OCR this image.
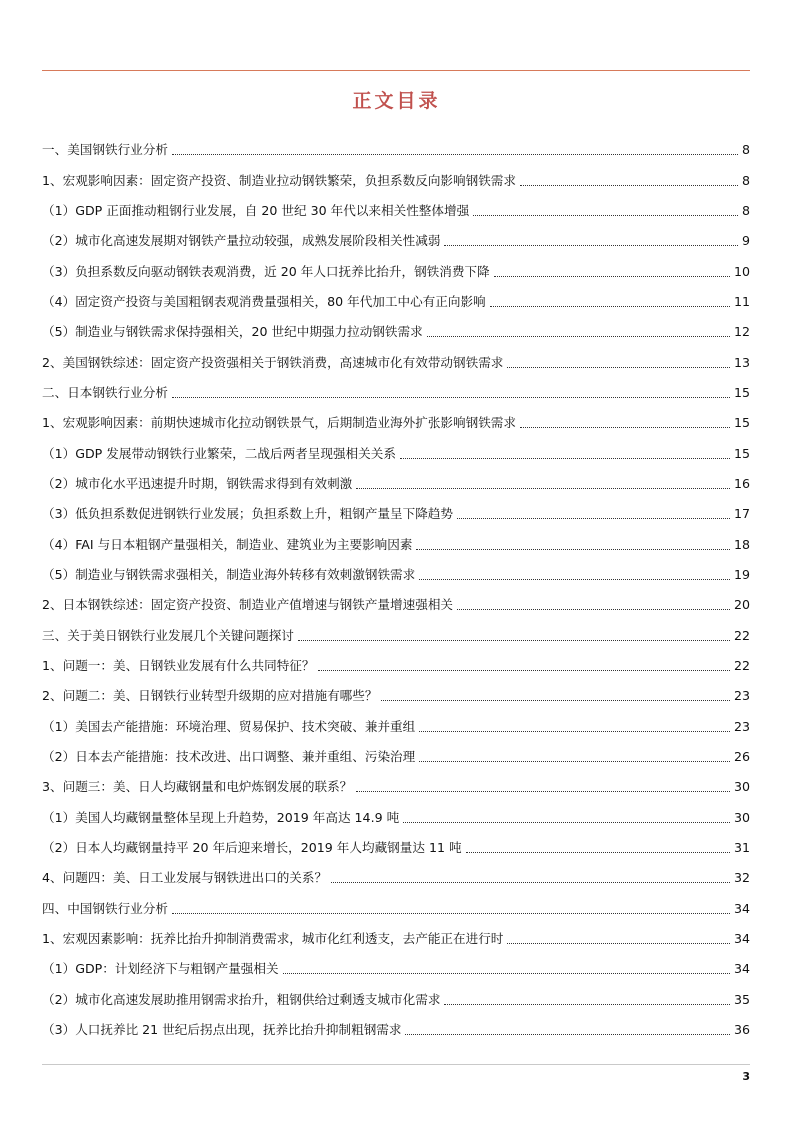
正文目录
一、美国钢铁行业分析	8
1、宏观影响因素：固定资产投资、制造业拉动钢铁繁荣，负担系数反向影响钢铁需求	8
（1）GDP 正面推动粗钢行业发展，自 20 世纪 30 年代以来相关性整体增强	8
（2）城市化高速发展期对钢铁产量拉动较强，成熟发展阶段相关性减弱	9
（3）负担系数反向驱动钢铁表观消费，近 20 年人口抚养比抬升，钢铁消费下降	10
（4）固定资产投资与美国粗钢表观消费量强相关，80 年代加工中心有正向影响	11
（5）制造业与钢铁需求保持强相关，20 世纪中期强力拉动钢铁需求	12
2、美国钢铁综述：固定资产投资强相关于钢铁消费，高速城市化有效带动钢铁需求	13
二、日本钢铁行业分析	15
1、宏观影响因素：前期快速城市化拉动钢铁景气，后期制造业海外扩张影响钢铁需求	15
（1）GDP 发展带动钢铁行业繁荣，二战后两者呈现强相关关系	15
（2）城市化水平迅速提升时期，钢铁需求得到有效刺激	16
（3）低负担系数促进钢铁行业发展；负担系数上升，粗钢产量呈下降趋势	17
（4）FAI 与日本粗钢产量强相关，制造业、建筑业为主要影响因素	18
（5）制造业与钢铁需求强相关，制造业海外转移有效刺激钢铁需求	19
2、日本钢铁综述：固定资产投资、制造业产值增速与钢铁产量增速强相关	20
三、关于美日钢铁行业发展几个关键问题探讨	22
1、问题一：美、日钢铁业发展有什么共同特征？	22
2、问题二：美、日钢铁行业转型升级期的应对措施有哪些？	23
（1）美国去产能措施：环境治理、贸易保护、技术突破、兼并重组	23
（2）日本去产能措施：技术改进、出口调整、兼并重组、污染治理	26
3、问题三：美、日人均藏钢量和电炉炼钢发展的联系？	30
（1）美国人均藏钢量整体呈现上升趋势，2019 年高达 14.9 吨	30
（2）日本人均藏钢量持平 20 年后迎来增长，2019 年人均藏钢量达 11 吨	31
4、问题四：美、日工业发展与钢铁进出口的关系？	32
四、中国钢铁行业分析	34
1、宏观因素影响：抚养比抬升抑制消费需求，城市化红利透支，去产能正在进行时	34
（1）GDP：计划经济下与粗钢产量强相关	34
（2）城市化高速发展助推用钢需求抬升，粗钢供给过剩透支城市化需求	35
（3）人口抚养比 21 世纪后拐点出现，抚养比抬升抑制粗钢需求	36
3
